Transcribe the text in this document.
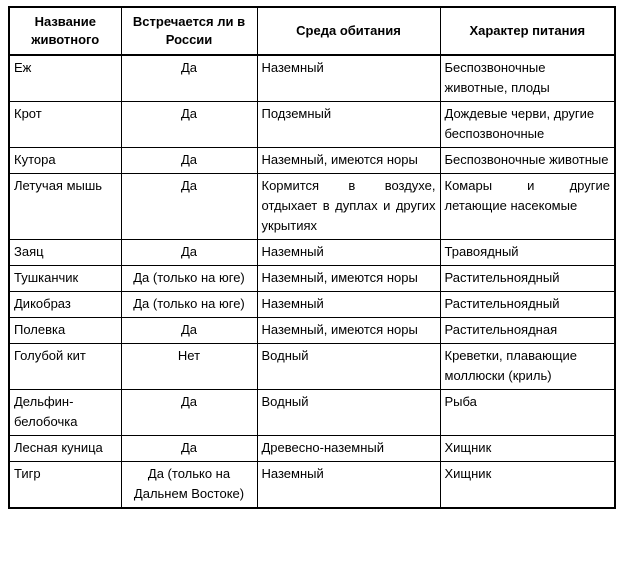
Название животного	Встречается ли в России	Среда обитания	Характер питания
Еж	Да	Наземный	Беспозвоночные животные, плоды
Крот	Да	Подземный	Дождевые черви, другие беспозвоночные
Кутора	Да	Наземный, имеются норы	Беспозвоночные животные
Летучая мышь	Да	Кормится в воздухе, отдыхает в дуплах и других укрытиях	Комары и другие летающие насекомые
Заяц	Да	Наземный	Травоядный
Тушканчик	Да (только на юге)	Наземный, имеются норы	Растительноядный
Дикобраз	Да (только на юге)	Наземный	Растительноядный
Полевка	Да	Наземный, имеются норы	Растительноядная
Голубой кит	Нет	Водный	Креветки, плавающие моллюски (криль)
Дельфин-белобочка	Да	Водный	Рыба
Лесная куница	Да	Древесно-наземный	Хищник
Тигр	Да (только на Дальнем Востоке)	Наземный	Хищник
